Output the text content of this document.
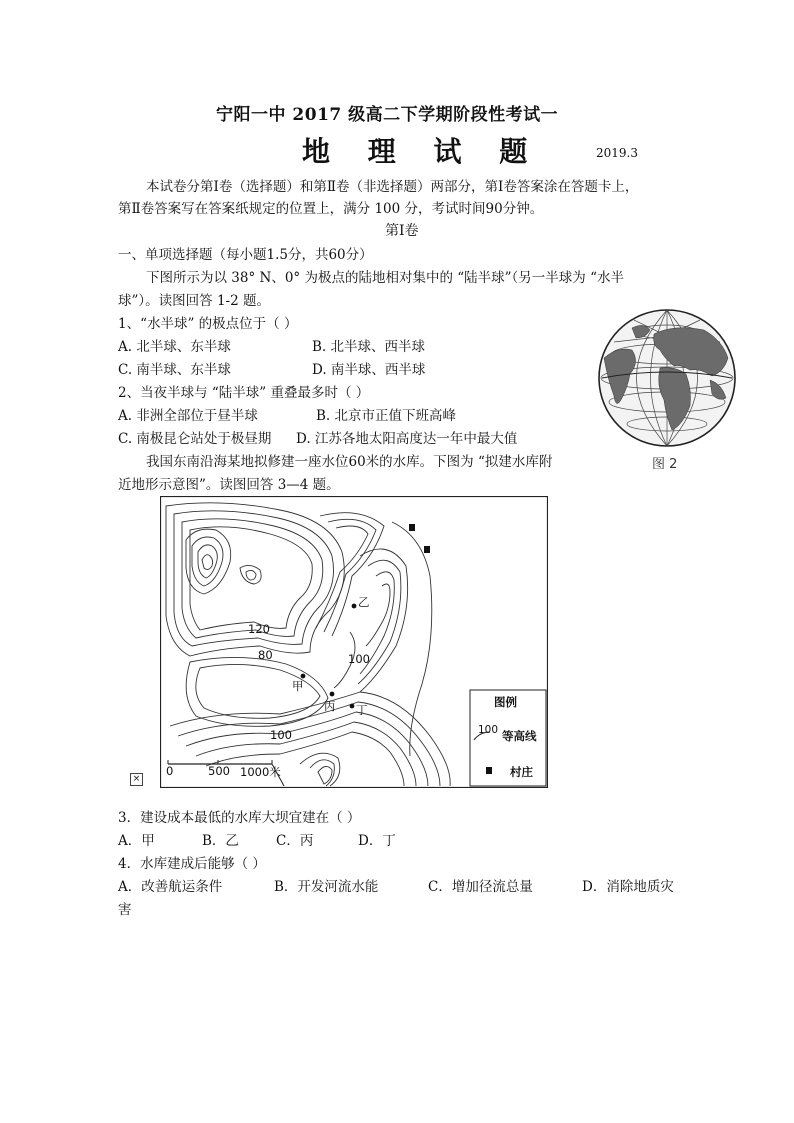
宁阳一中 2017 级高二下学期阶段性考试一
地 理 试 题	2019.3
本试卷分第Ⅰ卷（选择题）和第Ⅱ卷（非选择题）两部分，第Ⅰ卷答案涂在答题卡上，
第Ⅱ卷答案写在答案纸规定的位置上，满分 100 分，考试时间90分钟。
第Ⅰ卷
一、单项选择题（每小题1.5分，共60分）
下图所示为以 38° N、0° 为极点的陆地相对集中的 “陆半球”（另一半球为 “水半
球”）。读图回答 1-2 题。
1、“水半球” 的极点位于（ ）
A. 北半球、东半球	B. 北半球、西半球
C. 南半球、东半球	D. 南半球、西半球
2、当夜半球与 “陆半球” 重叠最多时（ ）
A. 非洲全部位于昼半球	B. 北京市正值下班高峰
C. 南极昆仑站处于极昼期 D. 江苏各地太阳高度达一年中最大值
图 2
我国东南沿海某地拟修建一座水位60米的水库。下图为 “拟建水库附
近地形示意图”。读图回答 3—4 题。
120
80	100
100
乙
甲
丙 丁
0	500 1000米
图例
100 等高线
村庄
×
3．建设成本最低的水库大坝宜建在（ ）
A．甲	B．乙	C．丙	D．丁
4．水库建成后能够（ ）
A．改善航运条件	B．开发河流水能	C．增加径流总量	D．消除地质灾
害
